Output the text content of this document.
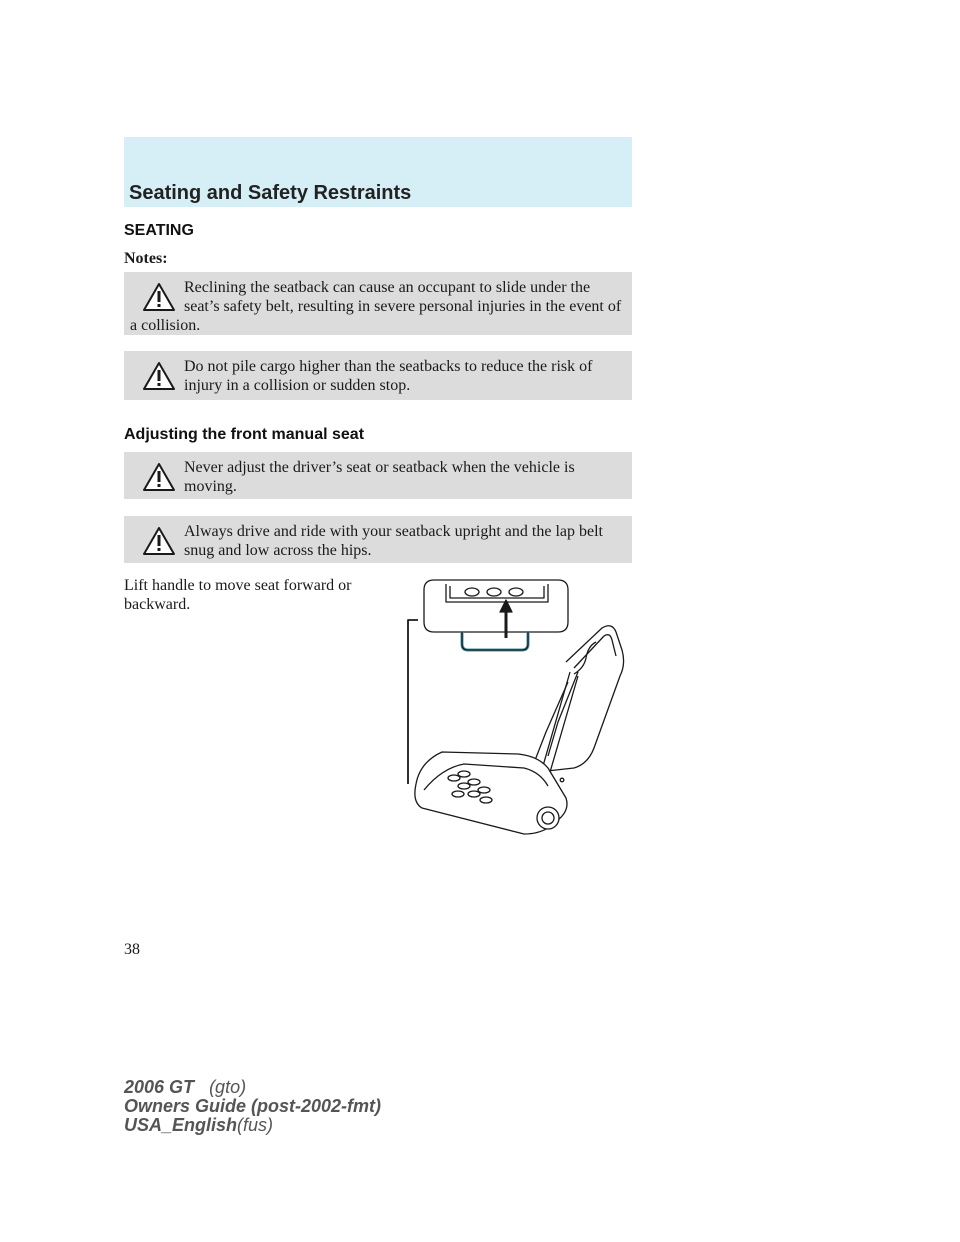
Seating and Safety Restraints
SEATING
Notes:
Reclining the seatback can cause an occupant to slide under the seat’s safety belt, resulting in severe personal injuries in the event of a collision.
Do not pile cargo higher than the seatbacks to reduce the risk of injury in a collision or sudden stop.
Adjusting the front manual seat
Never adjust the driver’s seat or seatback when the vehicle is moving.
Always drive and ride with your seatback upright and the lap belt snug and low across the hips.
Lift handle to move seat forward or backward.
38
2006 GT (gto)
Owners Guide (post-2002-fmt)
USA_English(fus)
